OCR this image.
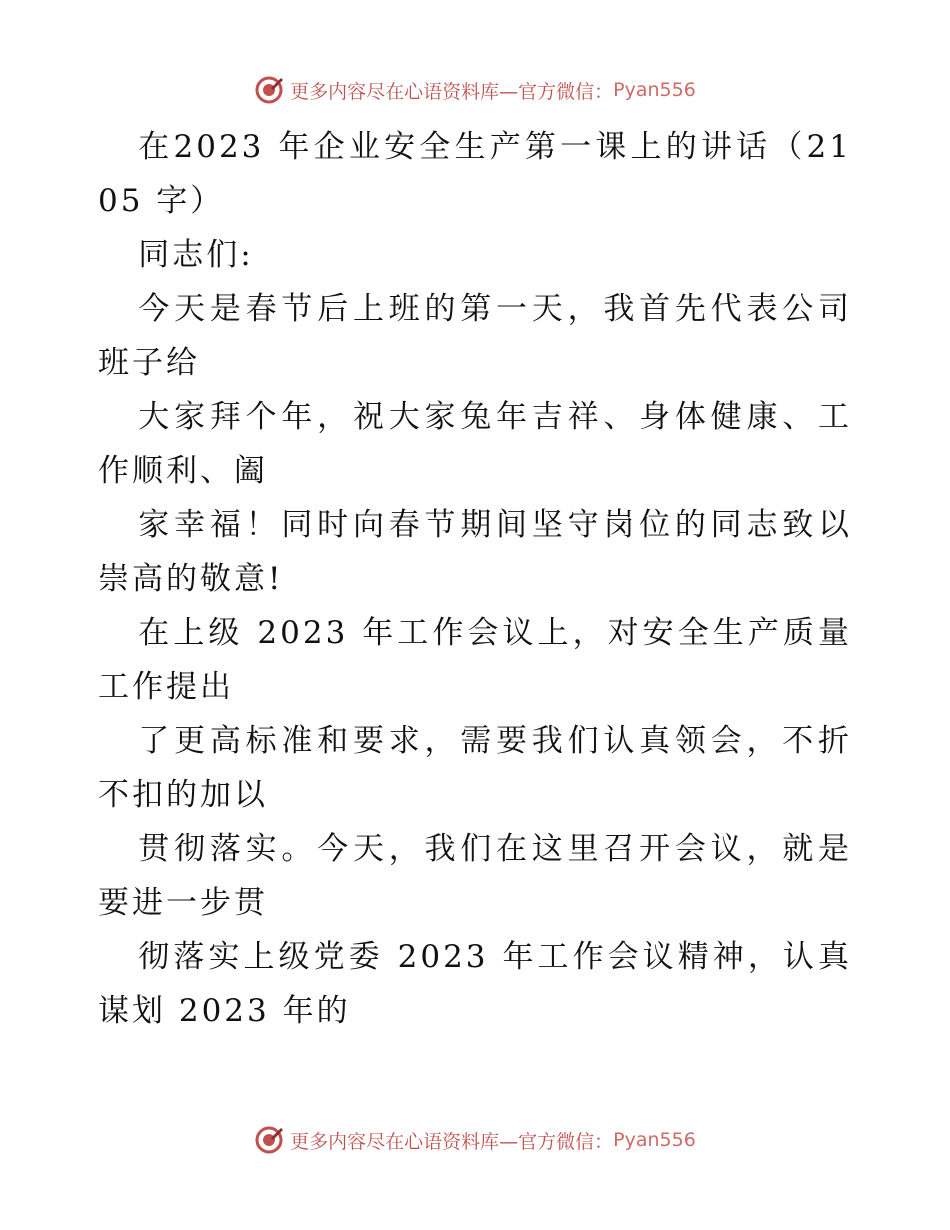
更多内容尽在心语资料库—官方微信： Pyan556

在2023 年企业安全生产第一课上的讲话（2105 字）

同志们:

今天是春节后上班的第一天，我首先代表公司班子给

大家拜个年，祝大家兔年吉祥、身体健康、工作顺利、阖

家幸福！同时向春节期间坚守岗位的同志致以崇高的敬意!

在上级 2023 年工作会议上，对安全生产质量工作提出

了更高标准和要求，需要我们认真领会，不折不扣的加以

贯彻落实。今天，我们在这里召开会议，就是要进一步贯

彻落实上级党委 2023 年工作会议精神，认真谋划 2023 年的

更多内容尽在心语资料库—官方微信： Pyan556
